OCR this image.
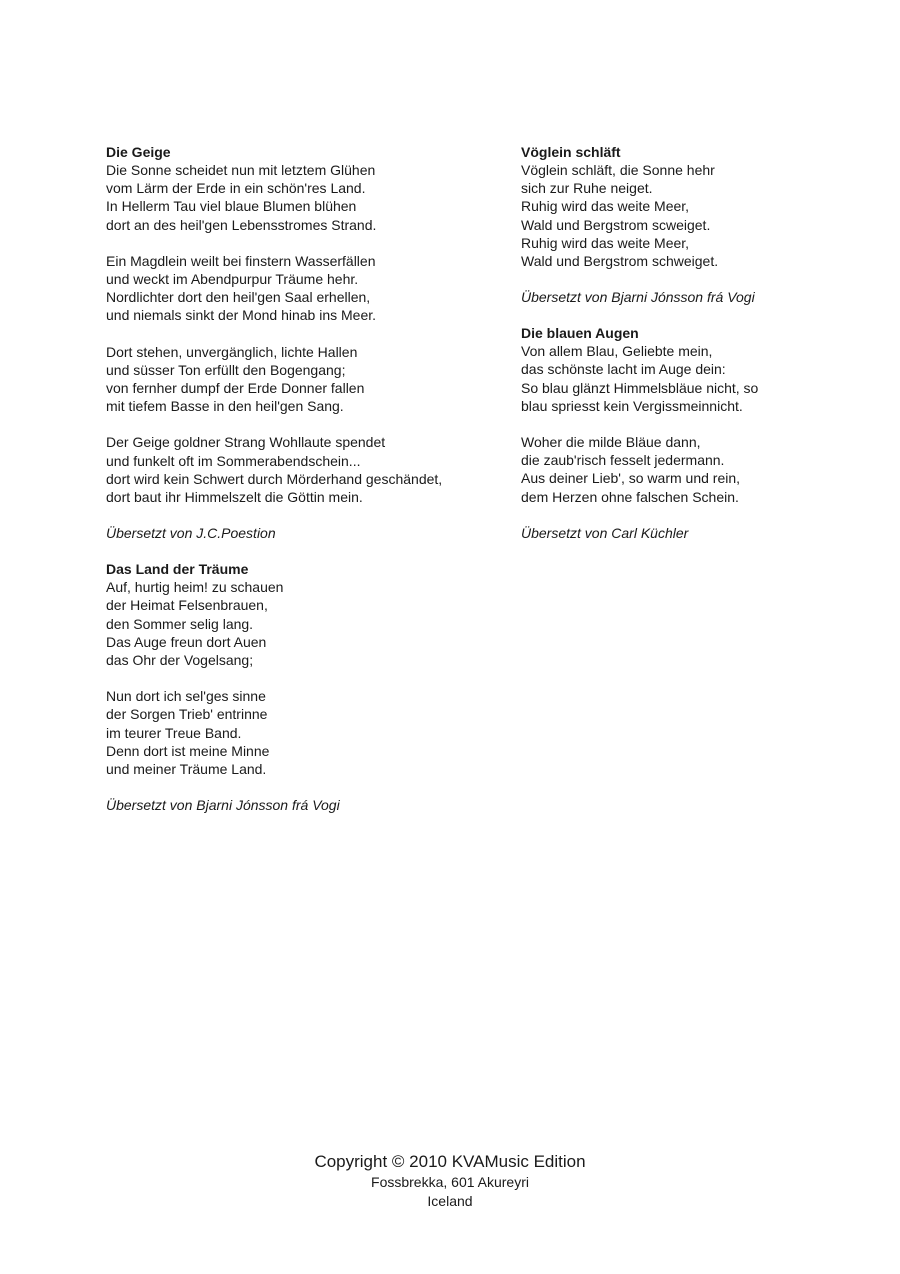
Die Geige
Die Sonne scheidet nun mit letztem Glühen
vom Lärm der Erde in ein schön'res Land.
In Hellerm Tau viel blaue Blumen blühen
dort an des heil'gen Lebensstromes Strand.
Ein Magdlein weilt bei finstern Wasserfällen
und weckt im Abendpurpur Träume hehr.
Nordlichter dort den heil'gen Saal erhellen,
und niemals sinkt der Mond hinab ins Meer.
Dort stehen, unvergänglich, lichte Hallen
und süsser Ton erfüllt den Bogengang;
von fernher dumpf der Erde Donner fallen
mit tiefem Basse in den heil'gen Sang.
Der Geige goldner Strang Wohllaute spendet
und funkelt oft im Sommerabendschein...
dort wird kein Schwert durch Mörderhand geschändet,
dort baut ihr Himmelszelt die Göttin mein.
Übersetzt von J.C.Poestion
Das Land der Träume
Auf, hurtig heim! zu schauen
der Heimat Felsenbrauen,
den Sommer selig lang.
Das Auge freun dort Auen
das Ohr der Vogelsang;
Nun dort ich sel'ges sinne
der Sorgen Trieb' entrinne
im teurer Treue Band.
Denn dort ist meine Minne
und meiner Träume Land.
Übersetzt von Bjarni Jónsson frá Vogi
Vöglein schläft
Vöglein schläft, die Sonne hehr
sich zur Ruhe neiget.
Ruhig wird das weite Meer,
Wald und Bergstrom scweiget.
Ruhig wird das weite Meer,
Wald und Bergstrom schweiget.
Übersetzt von Bjarni Jónsson frá Vogi
Die blauen Augen
Von allem Blau, Geliebte mein,
das schönste lacht im Auge dein:
So blau glänzt Himmelsbläue nicht, so
blau spriesst kein Vergissmeinnicht.
Woher die milde Bläue dann,
die zaub'risch fesselt jedermann.
Aus deiner Lieb', so warm und rein,
dem Herzen ohne falschen Schein.
Übersetzt von Carl Küchler
Copyright © 2010 KVAMusic Edition
Fossbrekka, 601 Akureyri
Iceland
